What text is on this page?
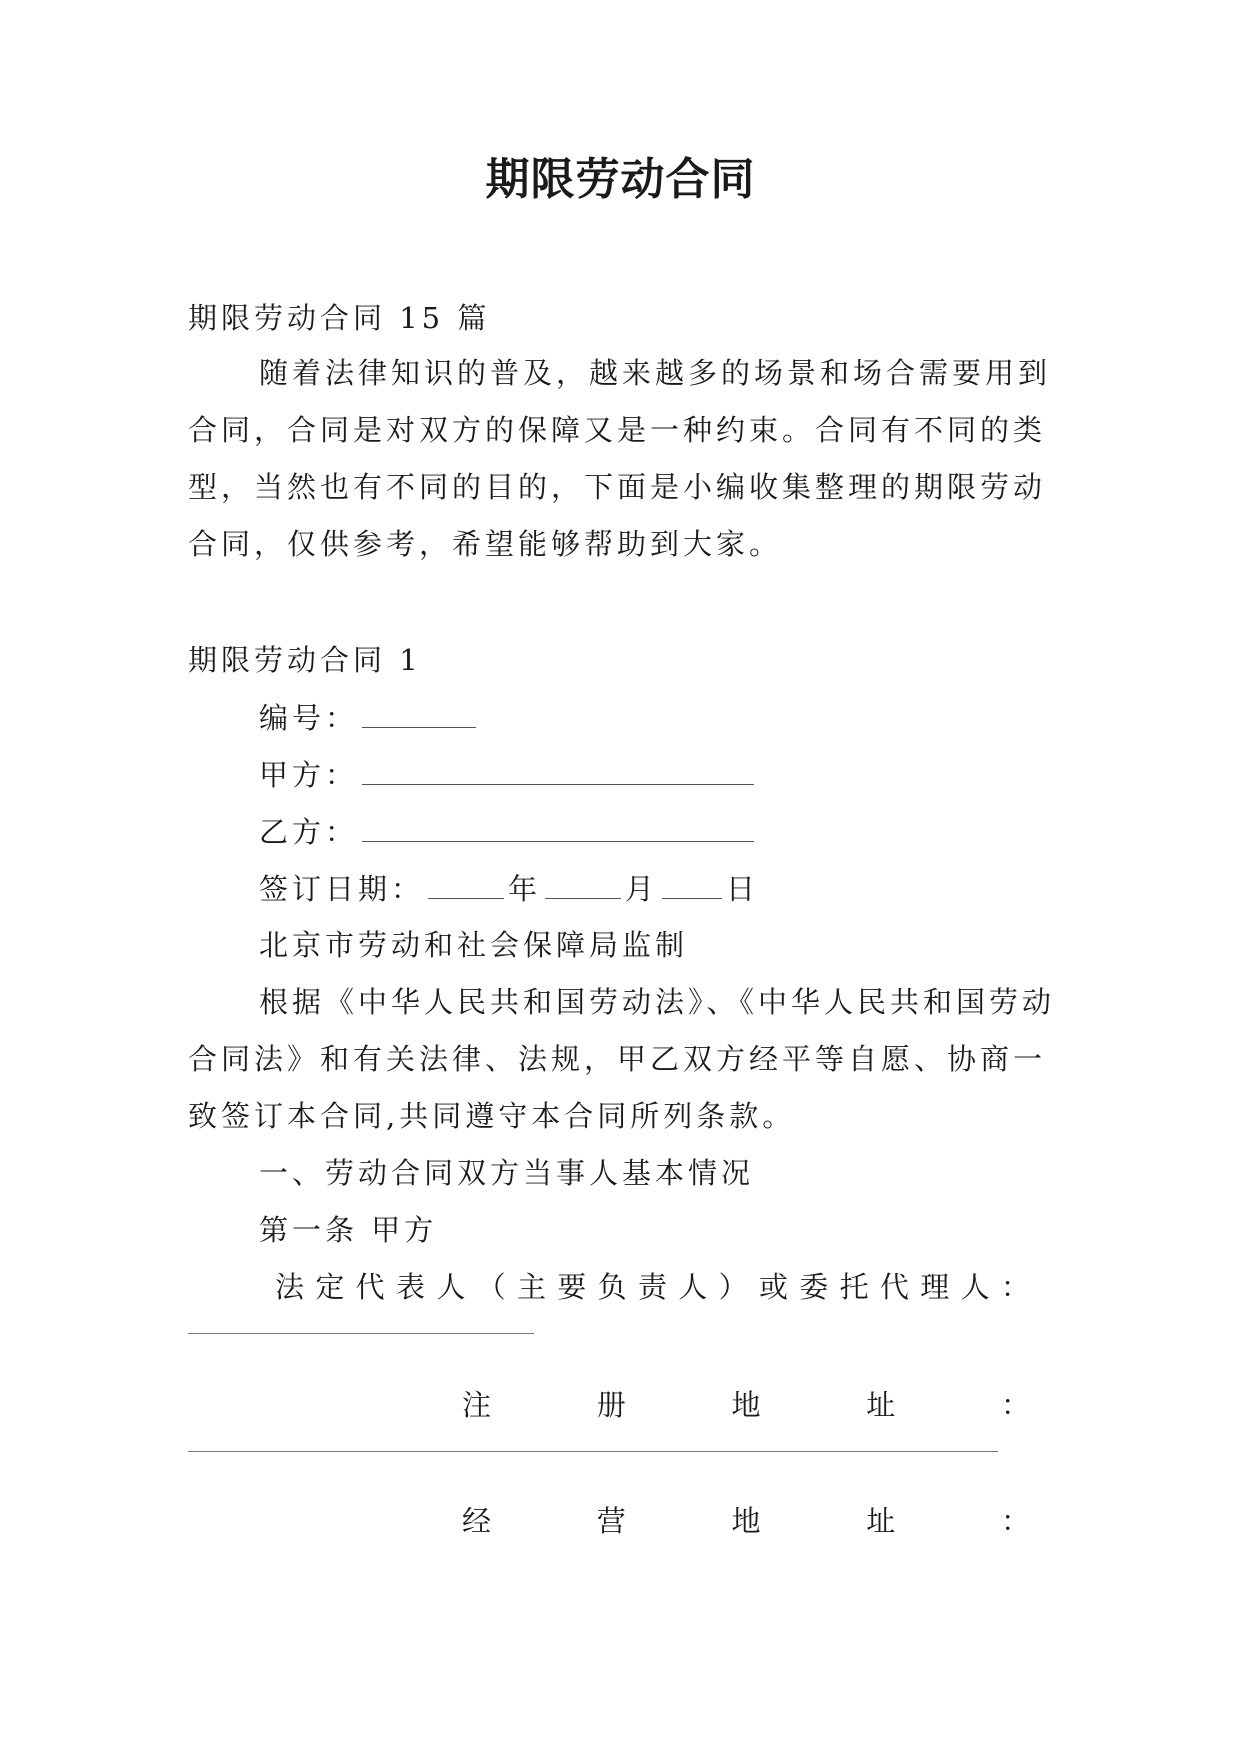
期限劳动合同
期限劳动合同 15 篇
随着法律知识的普及，越来越多的场景和场合需要用到
合同，合同是对双方的保障又是一种约束。合同有不同的类
型，当然也有不同的目的，下面是小编收集整理的期限劳动
合同，仅供参考，希望能够帮助到大家。
期限劳动合同 1
编号：
甲方：
乙方：
签订日期：	年	月 日
北京市劳动和社会保障局监制
根据《中华人民共和国劳动法》、《中华人民共和国劳动
合同法》和有关法律、法规，甲乙双方经平等自愿、协商一
致签订本合同,共同遵守本合同所列条款。
一、劳动合同双方当事人基本情况
第一条 甲方
法 定 代 表 人 （ 主 要 负 责 人 ） 或 委 托 代 理 人 ：
注	册	地	址	：
经	营	地	址	：
